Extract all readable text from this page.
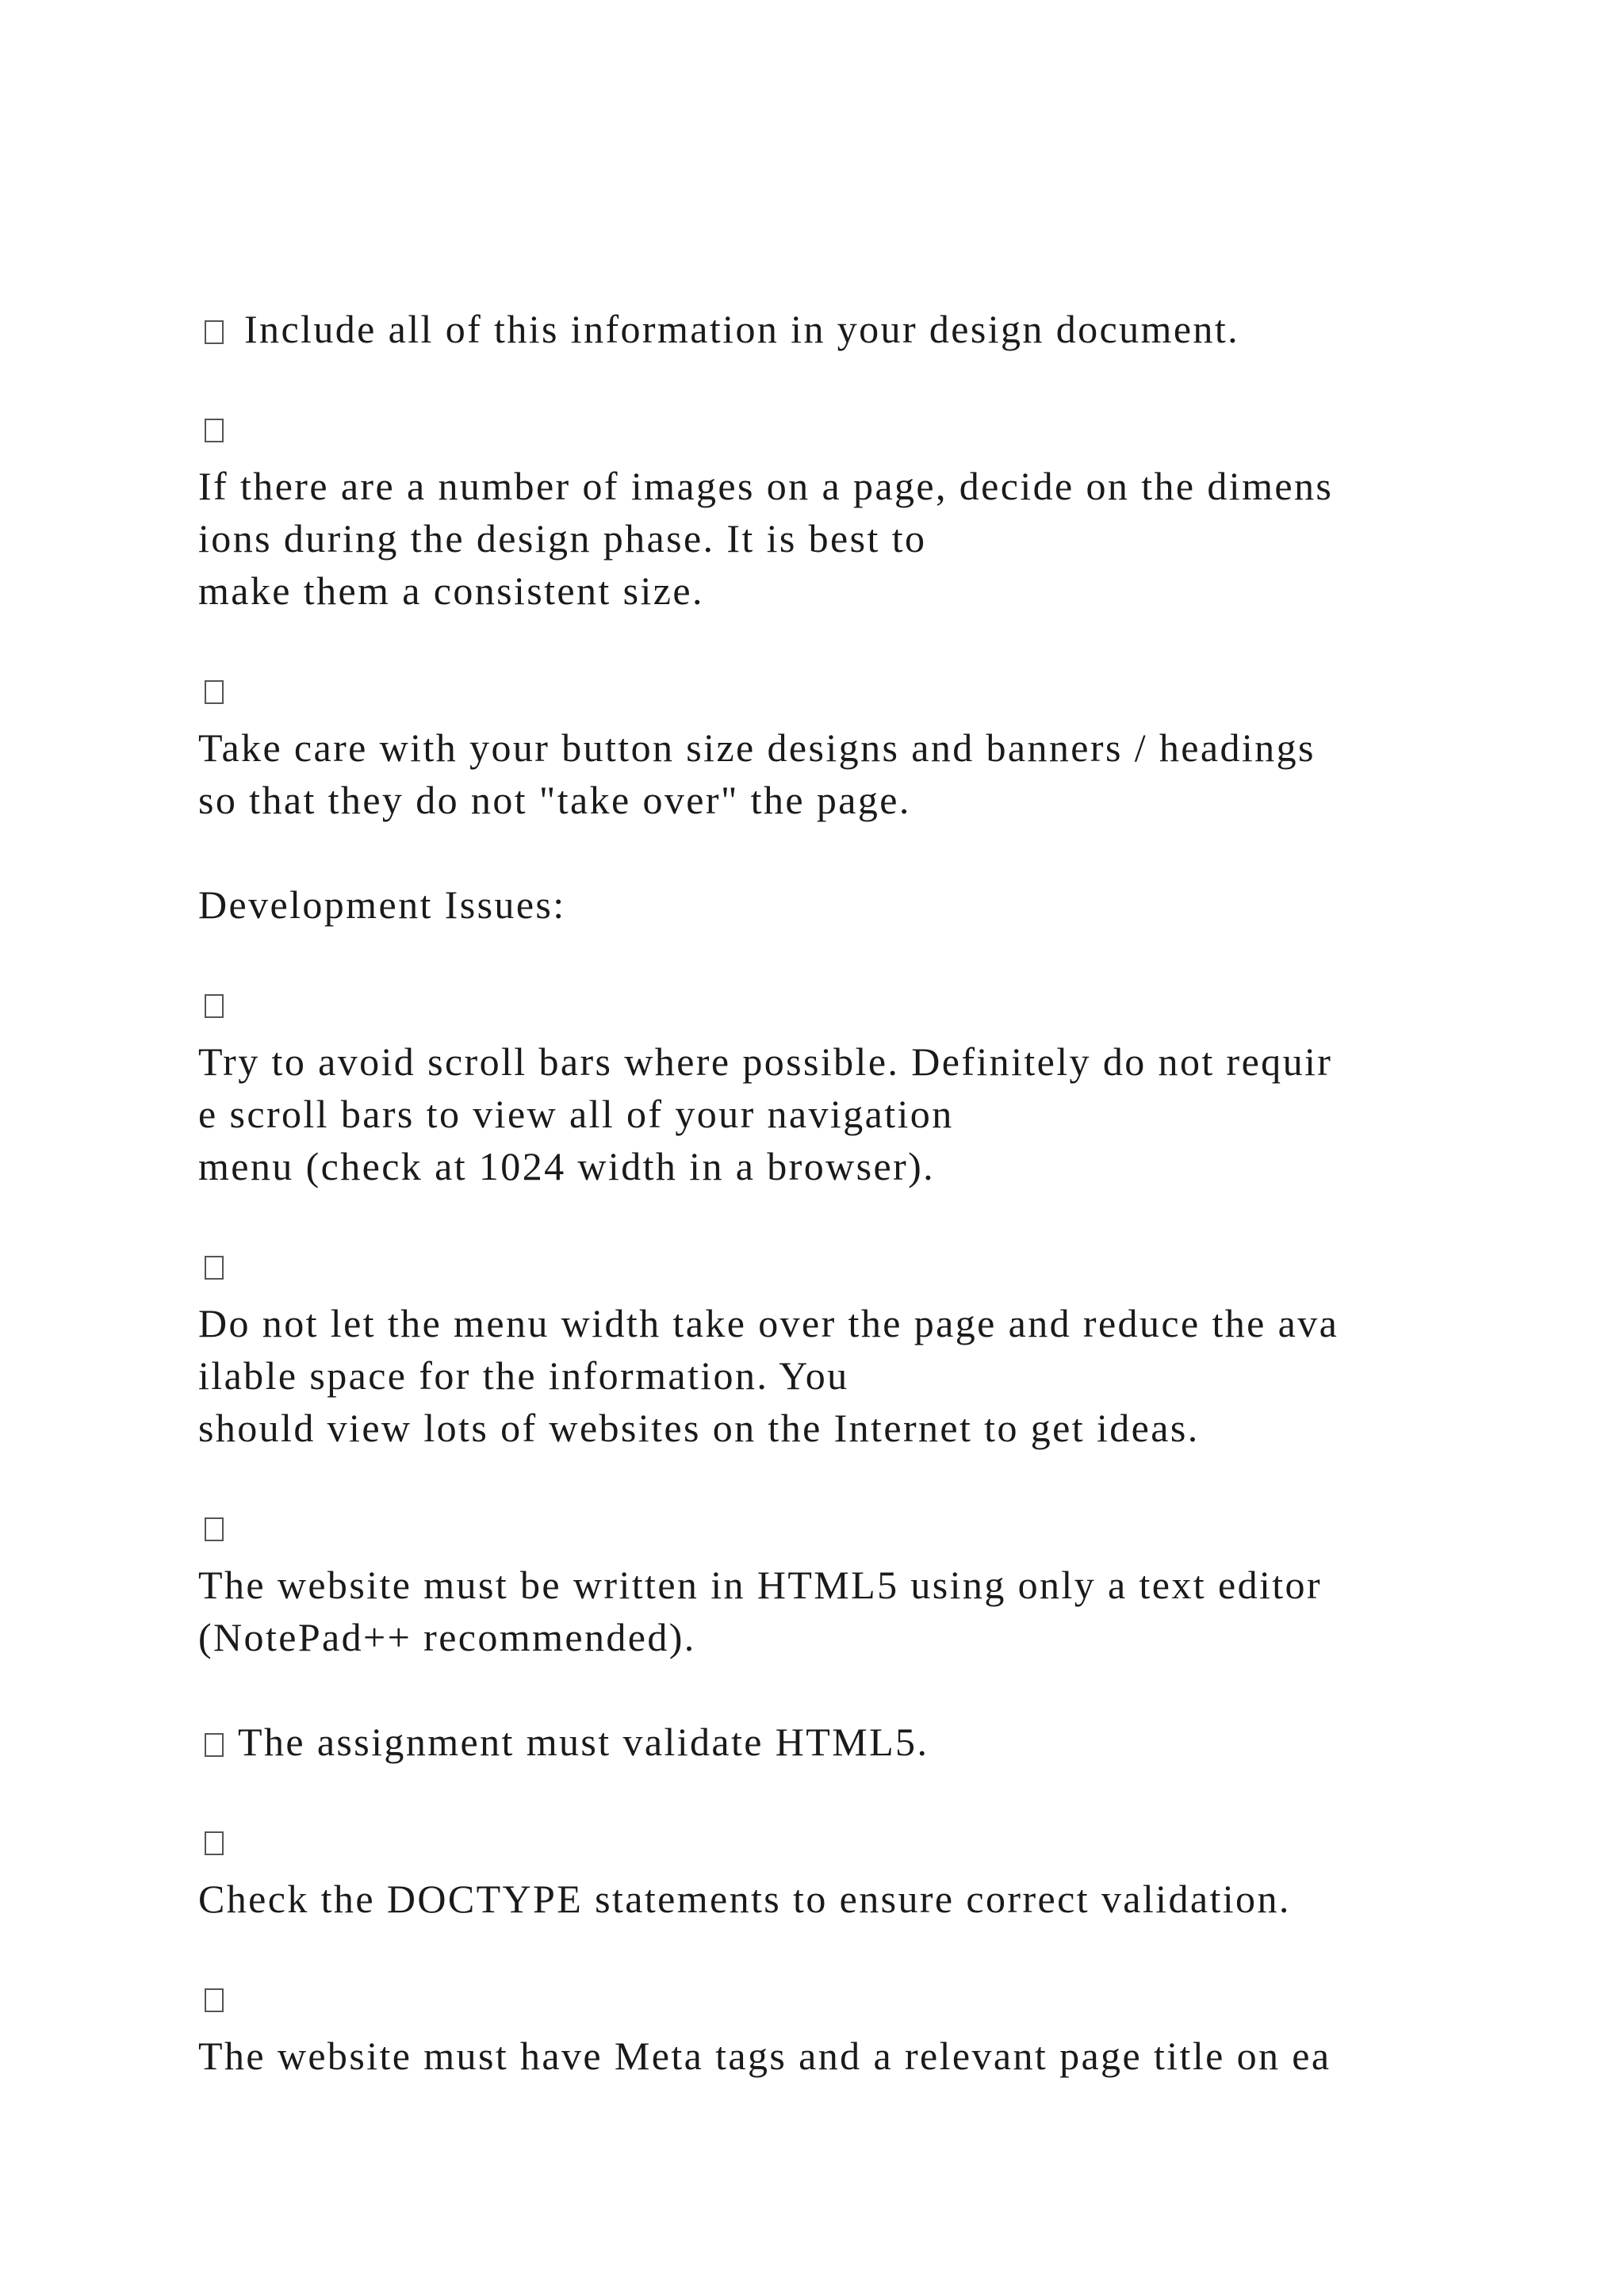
Include all of this information in your design document.
If there are a number of images on a page, decide on the dimens
ions during the design phase. It is best to
make them a consistent size.
Take care with your button size designs and banners / headings
so that they do not "take over" the page.
Development Issues:
Try to avoid scroll bars where possible. Definitely do not requir
e scroll bars to view all of your navigation
menu (check at 1024 width in a browser).
Do not let the menu width take over the page and reduce the ava
ilable space for the information. You
should view lots of websites on the Internet to get ideas.
The website must be written in HTML5 using only a text editor
(NotePad++ recommended).
The assignment must validate HTML5.
Check the DOCTYPE statements to ensure correct validation.
The website must have Meta tags and a relevant page title on ea
